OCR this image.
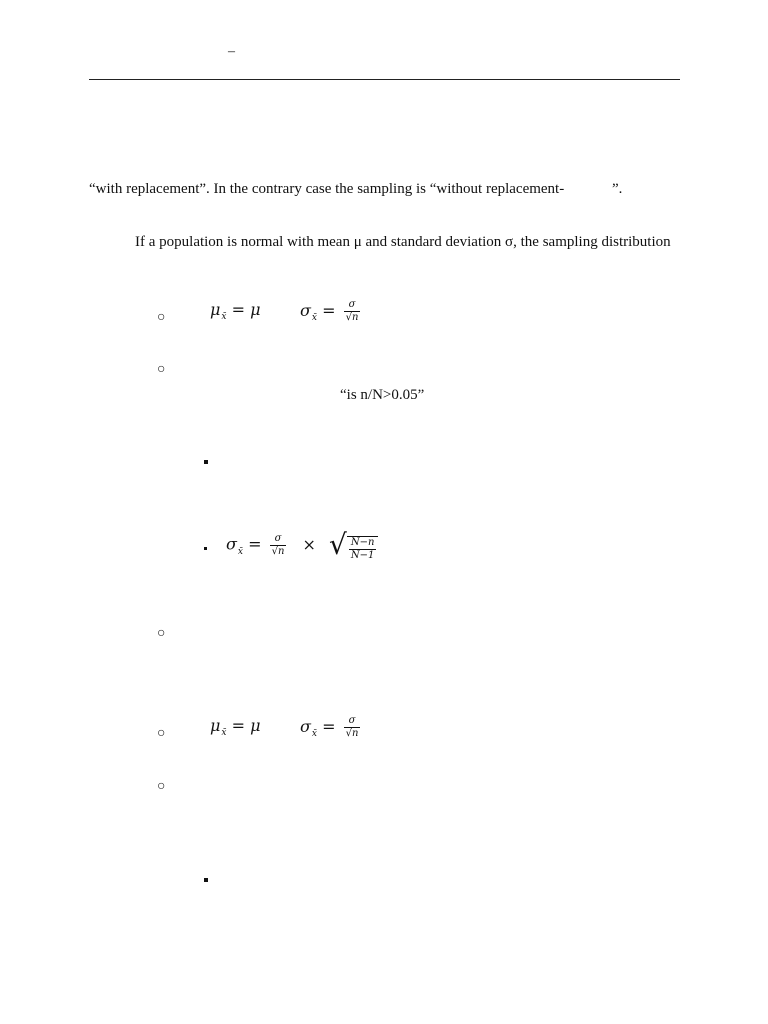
–
“with replacement”. In the contrary case the sampling is “without replacement-	”.
If a population is normal with mean μ and standard deviation σ, the sampling distribution
○	$\mu_{x̄} = \mu$ $\sigma_{x̄} = \frac{\sigma}{√n}$
○
“is n/N>0.05”
$\sigma_{x̄} = \frac{\sigma}{√n}$ × √ $\frac{N-n}{N-1}$
○
○	$\mu_{x̄} = \mu$ $\sigma_{x̄} = \frac{\sigma}{√n}$
○
